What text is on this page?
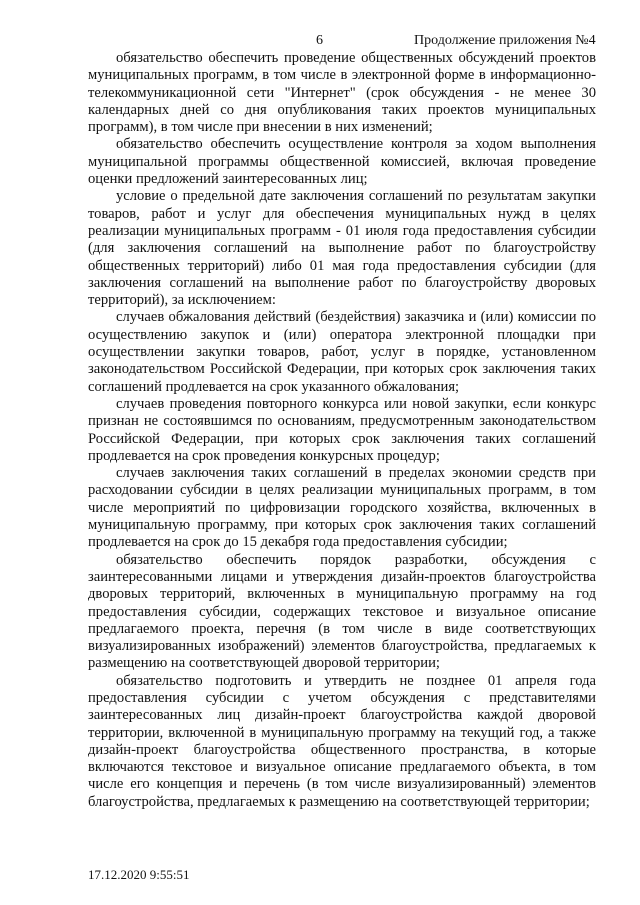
6	Продолжение приложения №4

обязательство обеспечить проведение общественных обсуждений проектов муниципальных программ, в том числе в электронной форме в информационно-телекоммуникационной сети "Интернет" (срок обсуждения - не менее 30 календарных дней со дня опубликования таких проектов муниципальных программ), в том числе при внесении в них изменений;

обязательство обеспечить осуществление контроля за ходом выполнения муниципальной программы общественной комиссией, включая проведение оценки предложений заинтересованных лиц;

условие о предельной дате заключения соглашений по результатам закупки товаров, работ и услуг для обеспечения муниципальных нужд в целях реализации муниципальных программ - 01 июля года предоставления субсидии (для заключения соглашений на выполнение работ по благоустройству общественных территорий) либо 01 мая года предоставления субсидии (для заключения соглашений на выполнение работ по благоустройству дворовых территорий), за исключением:

случаев обжалования действий (бездействия) заказчика и (или) комиссии по осуществлению закупок и (или) оператора электронной площадки при осуществлении закупки товаров, работ, услуг в порядке, установленном законодательством Российской Федерации, при которых срок заключения таких соглашений продлевается на срок указанного обжалования;

случаев проведения повторного конкурса или новой закупки, если конкурс признан не состоявшимся по основаниям, предусмотренным законодательством Российской Федерации, при которых срок заключения таких соглашений продлевается на срок проведения конкурсных процедур;

случаев заключения таких соглашений в пределах экономии средств при расходовании субсидии в целях реализации муниципальных программ, в том числе мероприятий по цифровизации городского хозяйства, включенных в муниципальную программу, при которых срок заключения таких соглашений продлевается на срок до 15 декабря года предоставления субсидии;

обязательство обеспечить порядок разработки, обсуждения с заинтересованными лицами и утверждения дизайн-проектов благоустройства дворовых территорий, включенных в муниципальную программу на год предоставления субсидии, содержащих текстовое и визуальное описание предлагаемого проекта, перечня (в том числе в виде соответствующих визуализированных изображений) элементов благоустройства, предлагаемых к размещению на соответствующей дворовой территории;

обязательство подготовить и утвердить не позднее 01 апреля года предоставления субсидии с учетом обсуждения с представителями заинтересованных лиц дизайн-проект благоустройства каждой дворовой территории, включенной в муниципальную программу на текущий год, а также дизайн-проект благоустройства общественного пространства, в которые включаются текстовое и визуальное описание предлагаемого объекта, в том числе его концепция и перечень (в том числе визуализированный) элементов благоустройства, предлагаемых к размещению на соответствующей территории;

17.12.2020 9:55:51
